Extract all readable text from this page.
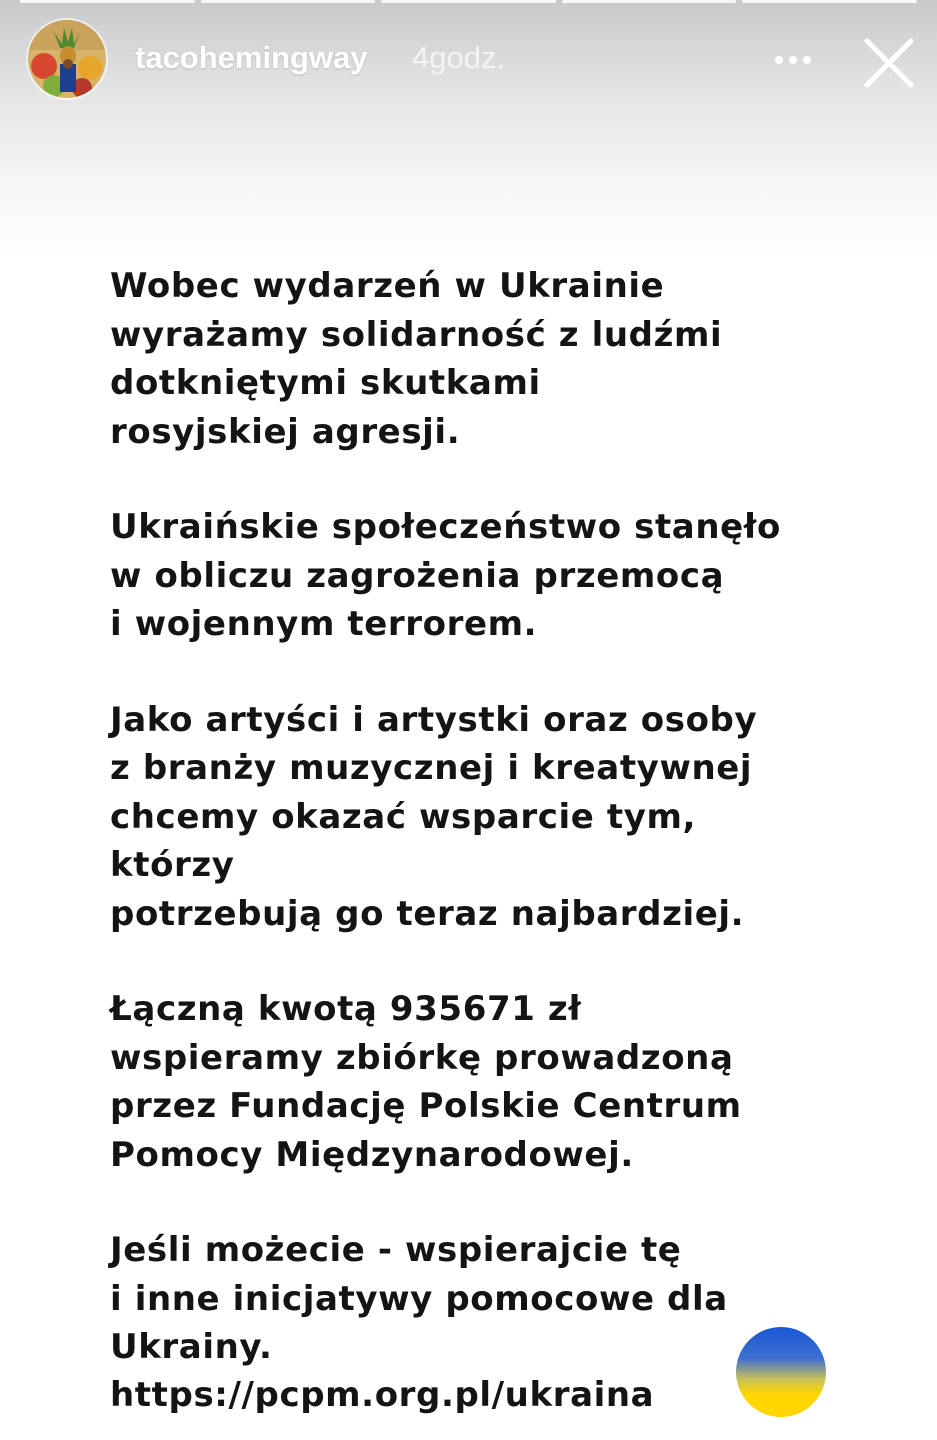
tacohemingway 4godz.

Wobec wydarzeń w Ukrainie
wyrażamy solidarność z ludźmi
dotkniętymi skutkami
rosyjskiej agresji.

Ukraińskie społeczeństwo stanęło
w obliczu zagrożenia przemocą
i wojennym terrorem.

Jako artyści i artystki oraz osoby
z branży muzycznej i kreatywnej
chcemy okazać wsparcie tym, którzy
potrzebują go teraz najbardziej.

Łączną kwotą 935671 zł
wspieramy zbiórkę prowadzoną
przez Fundację Polskie Centrum
Pomocy Międzynarodowej.

Jeśli możecie - wspierajcie tę
i inne inicjatywy pomocowe dla
Ukrainy.

https://pcpm.org.pl/ukraina
